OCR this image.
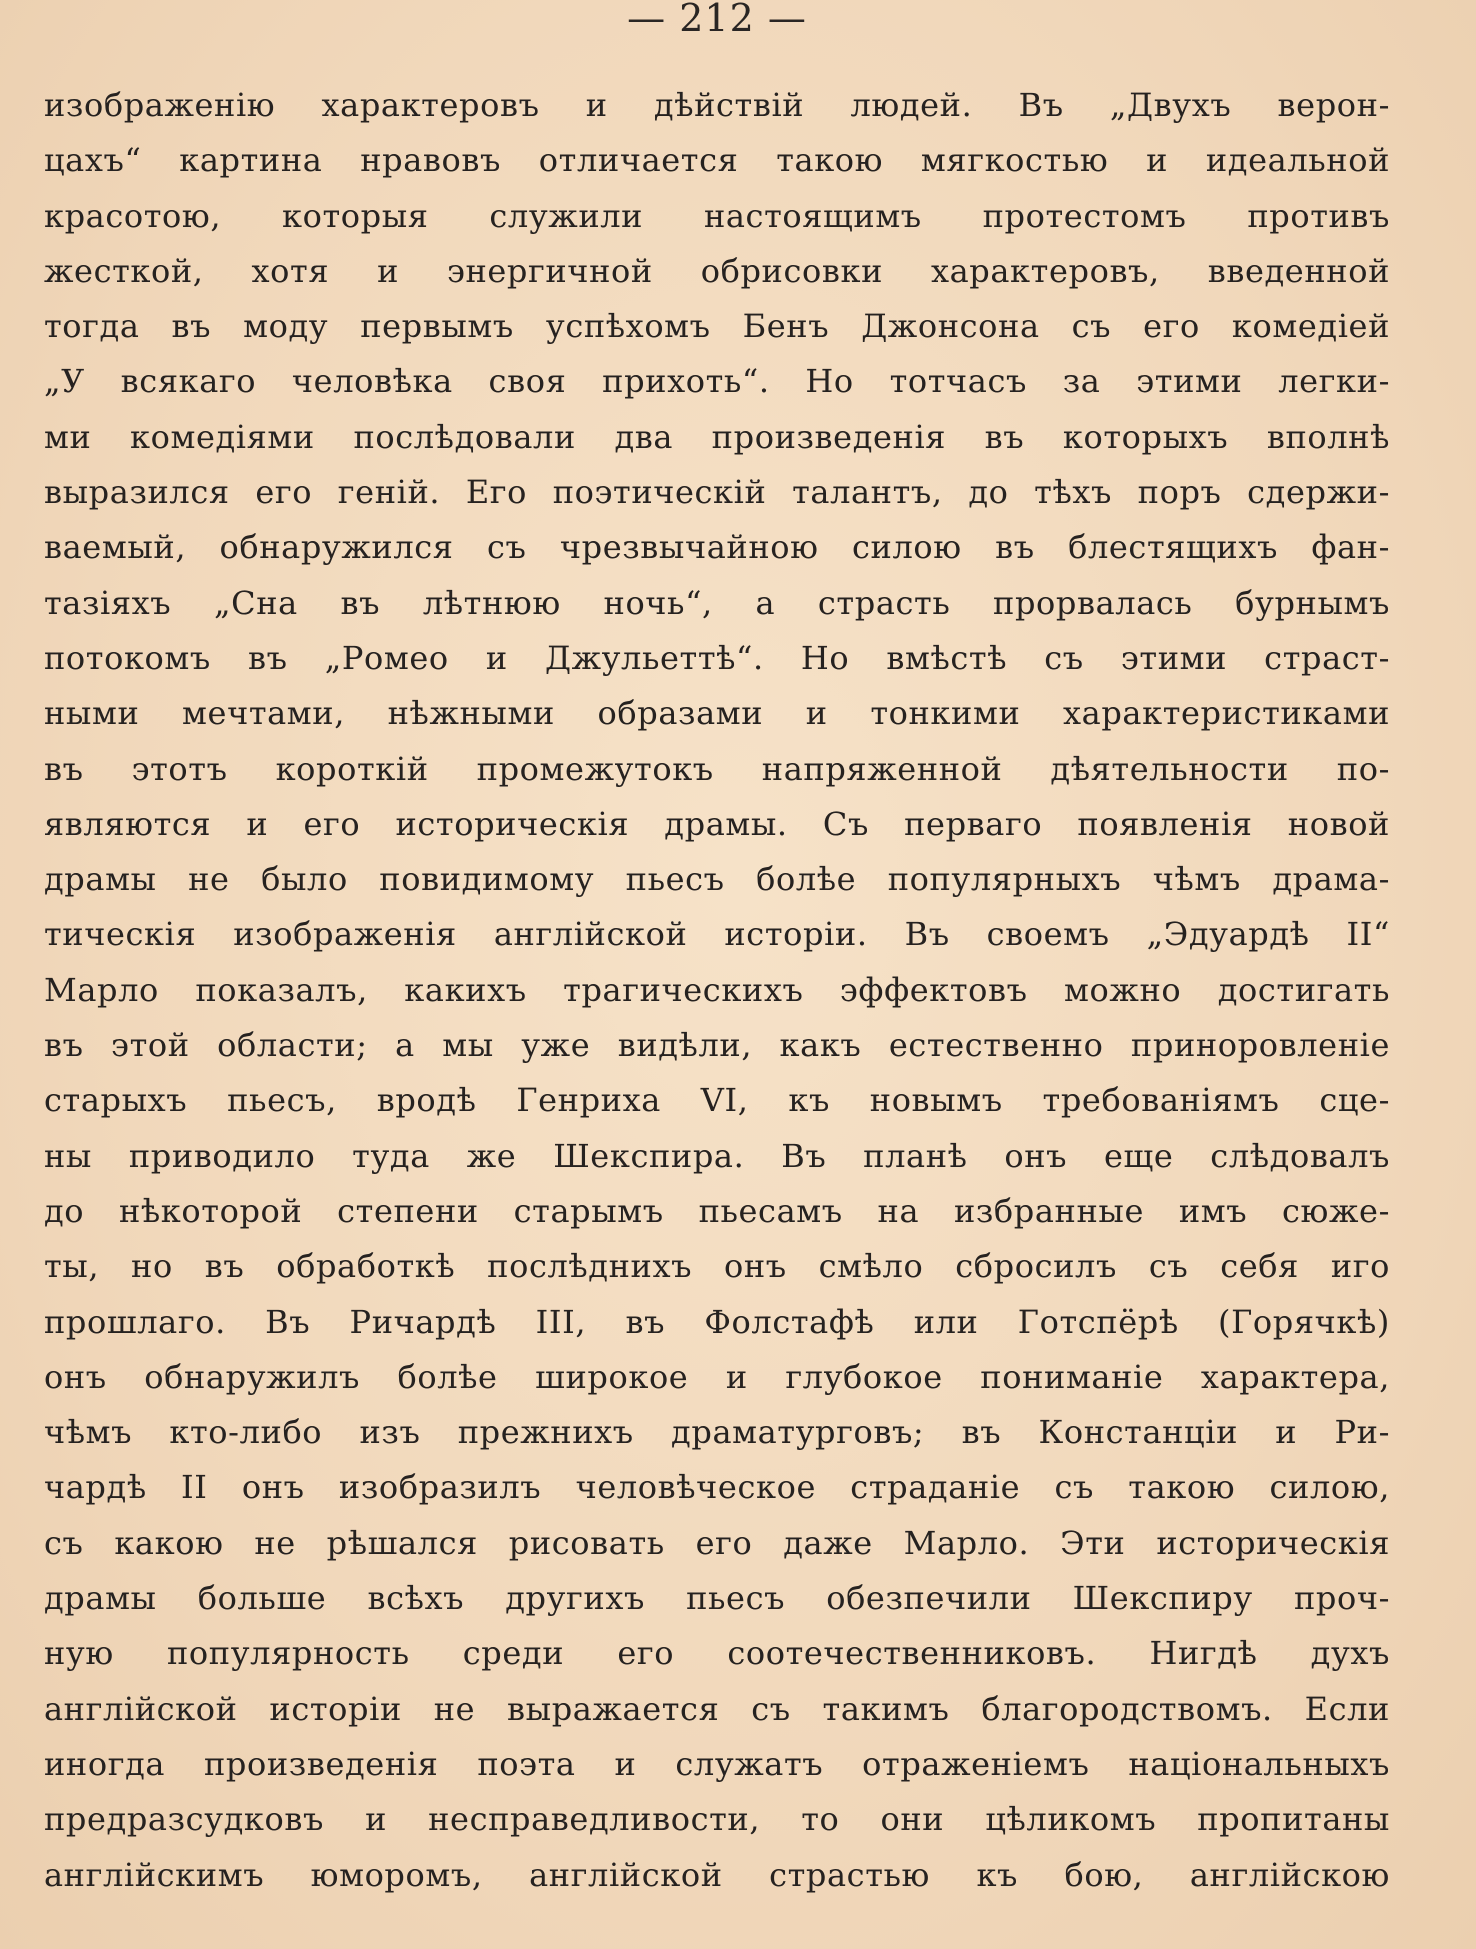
— 212 —
изображенію характеровъ и дѣйствій людей. Въ „Двухъ верон-
цахъ“ картина нравовъ отличается такою мягкостью и идеальной
красотою, которыя служили настоящимъ протестомъ противъ
жесткой, хотя и энергичной обрисовки характеровъ, введенной
тогда въ моду первымъ успѣхомъ Бенъ Джонсона съ его комедіей
„У всякаго человѣка своя прихоть“. Но тотчасъ за этими легки-
ми комедіями послѣдовали два произведенія въ которыхъ вполнѣ
выразился его геній. Его поэтическій талантъ, до тѣхъ поръ сдержи-
ваемый, обнаружился съ чрезвычайною силою въ блестящихъ фан-
тазіяхъ „Сна въ лѣтнюю ночь“, а страсть прорвалась бурнымъ
потокомъ въ „Ромео и Джульеттѣ“. Но вмѣстѣ съ этими страст-
ными мечтами, нѣжными образами и тонкими характеристиками
въ этотъ короткій промежутокъ напряженной дѣятельности по-
являются и его историческія драмы. Съ перваго появленія новой
драмы не было повидимому пьесъ болѣе популярныхъ чѣмъ драма-
тическія изображенія англійской исторіи. Въ своемъ „Эдуардѣ II“
Марло показалъ, какихъ трагическихъ эффектовъ можно достигать
въ этой области; а мы уже видѣли, какъ естественно приноровленіе
старыхъ пьесъ, вродѣ Генриха VI, къ новымъ требованіямъ сце-
ны приводило туда же Шекспира. Въ планѣ онъ еще слѣдовалъ
до нѣкоторой степени старымъ пьесамъ на избранные имъ сюже-
ты, но въ обработкѣ послѣднихъ онъ смѣло сбросилъ съ себя иго
прошлаго. Въ Ричардѣ III, въ Фолстафѣ или Готспёрѣ (Горячкѣ)
онъ обнаружилъ болѣе широкое и глубокое пониманіе характера,
чѣмъ кто-либо изъ прежнихъ драматурговъ; въ Констанціи и Ри-
чардѣ II онъ изобразилъ человѣческое страданіе съ такою силою,
съ какою не рѣшался рисовать его даже Марло. Эти историческія
драмы больше всѣхъ другихъ пьесъ обезпечили Шекспиру проч-
ную популярность среди его соотечественниковъ. Нигдѣ духъ
англійской исторіи не выражается съ такимъ благородствомъ. Если
иногда произведенія поэта и служатъ отраженіемъ національныхъ
предразсудковъ и несправедливости, то они цѣликомъ пропитаны
англійскимъ юморомъ, англійской страстью къ бою, англійскою
